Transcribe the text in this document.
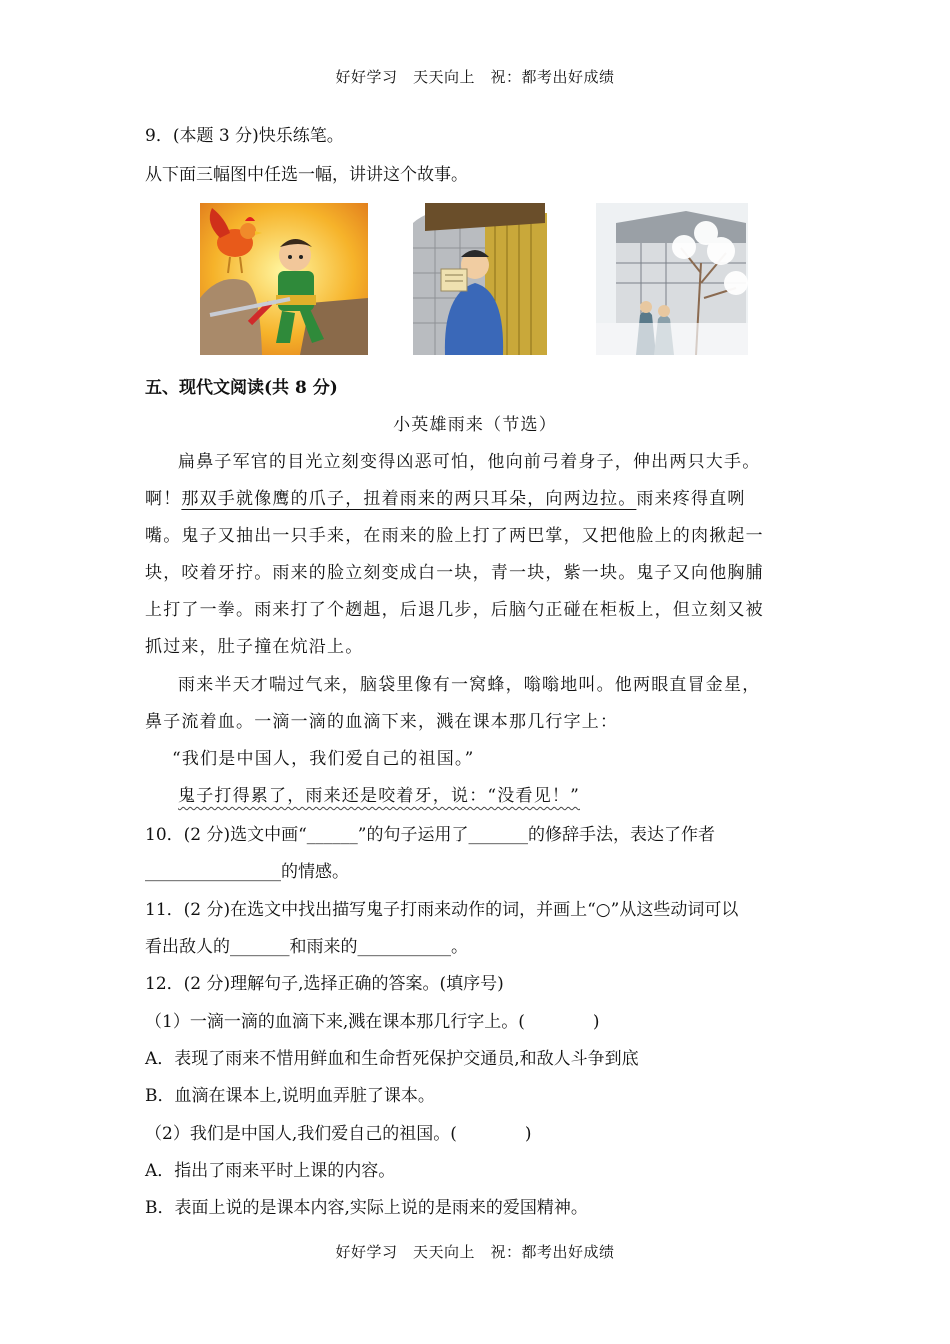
好好学习　天天向上　祝：都考出好成绩
9．(本题 3 分)快乐练笔。
从下面三幅图中任选一幅，讲讲这个故事。
五、现代文阅读(共 8 分)
小英雄雨来（节选）
扁鼻子军官的目光立刻变得凶恶可怕，他向前弓着身子，伸出两只大手。
啊！那双手就像鹰的爪子，扭着雨来的两只耳朵，向两边拉。雨来疼得直咧
嘴。鬼子又抽出一只手来，在雨来的脸上打了两巴掌，又把他脸上的肉揪起一
块，咬着牙拧。雨来的脸立刻变成白一块，青一块，紫一块。鬼子又向他胸脯
上打了一拳。雨来打了个趔趄，后退几步，后脑勺正碰在柜板上，但立刻又被
抓过来，肚子撞在炕沿上。
雨来半天才喘过气来，脑袋里像有一窝蜂，嗡嗡地叫。他两眼直冒金星，
鼻子流着血。一滴一滴的血滴下来，溅在课本那几行字上：
“我们是中国人，我们爱自己的祖国。”
鬼子打得累了，雨来还是咬着牙，说：“没看见！”
10．(2 分)选文中画“______”的句子运用了_______的修辞手法，表达了作者
________________的情感。
11．(2 分)在选文中找出描写鬼子打雨来动作的词，并画上“○”从这些动词可以
看出敌人的_______和雨来的___________。
12．(2 分)理解句子,选择正确的答案。(填序号)
（1）一滴一滴的血滴下来,溅在课本那几行字上。(　　　　)
A．表现了雨来不惜用鲜血和生命哲死保护交通员,和敌人斗争到底
B．血滴在课本上,说明血弄脏了课本。
（2）我们是中国人,我们爱自己的祖国。(　　　　)
A．指出了雨来平时上课的内容。
B．表面上说的是课本内容,实际上说的是雨来的爱国精神。
好好学习　天天向上　祝：都考出好成绩
